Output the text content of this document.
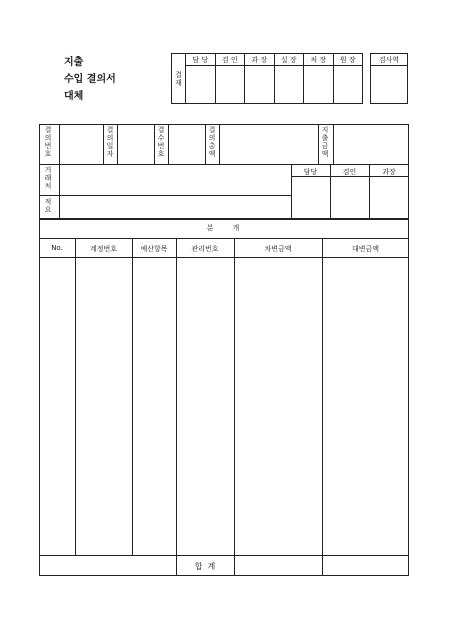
지출
수입 결의서
대체
결재	담 당	검 인	과 장	실 장	처 장	원 장
						검사역

결의번호	결의일자	결수번호	결의총액	지출금액
거래처
적요
담당	검인	과장
분    개
No.	계정번호	예산항목	관리번호	차변금액	대변금액
합  계
